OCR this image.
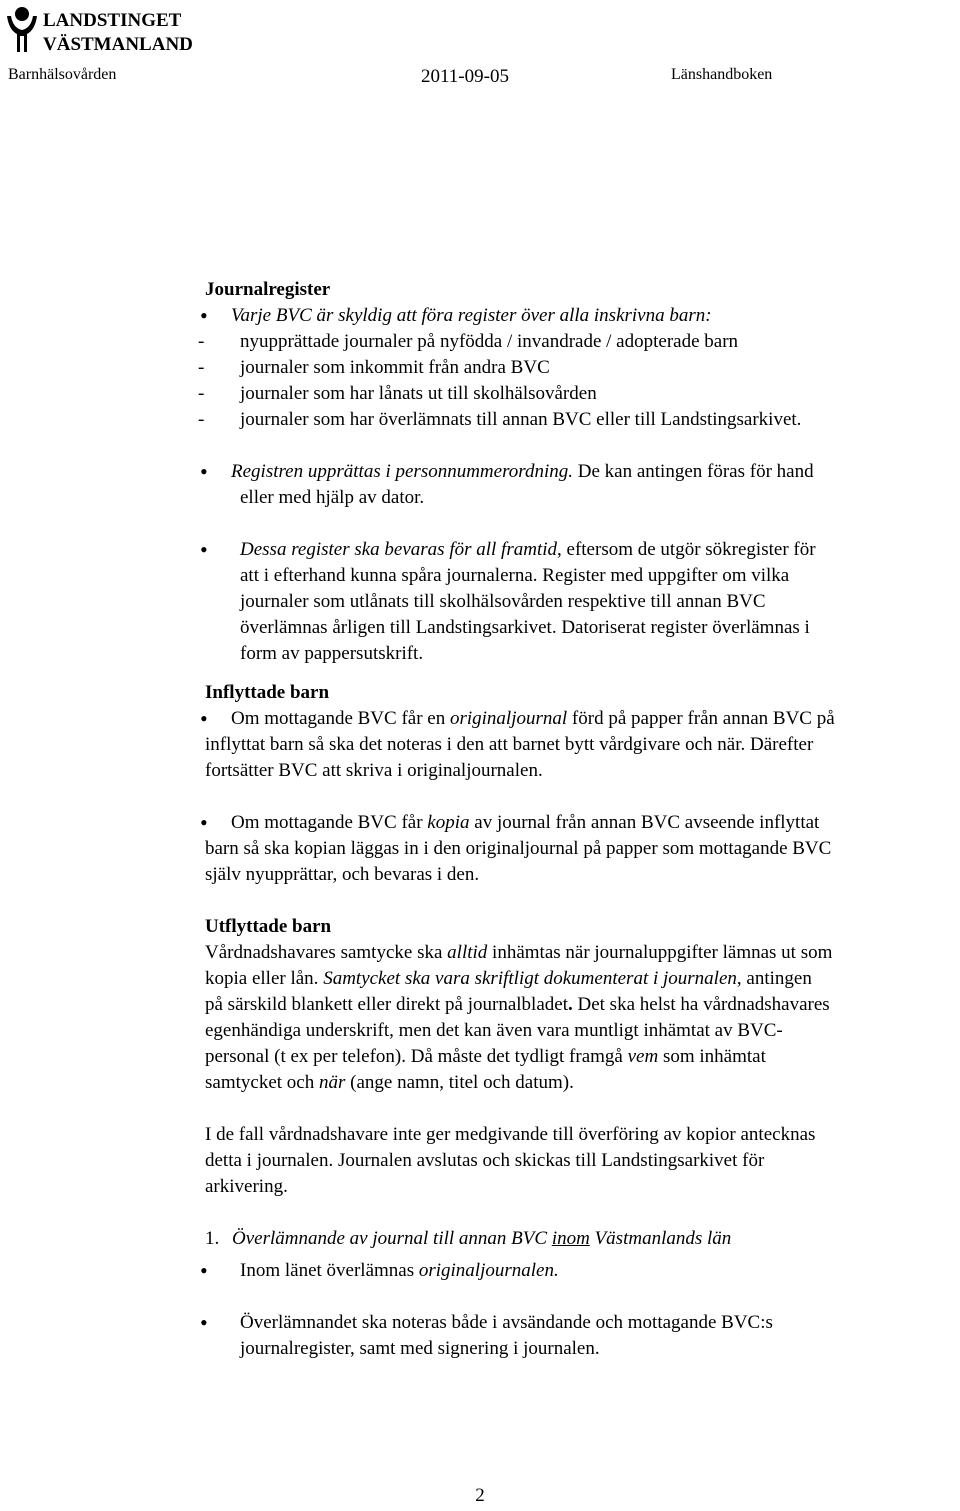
LANDSTINGET
VÄSTMANLAND
Barnhälsovården	2011-09-05	Länshandboken
Journalregister
• Varje BVC är skyldig att föra register över alla inskrivna barn:
- nyupprättade journaler på nyfödda / invandrade / adopterade barn
- journaler som inkommit från andra BVC
- journaler som har lånats ut till skolhälsovården
- journaler som har överlämnats till annan BVC eller till Landstingsarkivet.
• Registren upprättas i personnummerordning. De kan antingen föras för hand
eller med hjälp av dator.
• Dessa register ska bevaras för all framtid, eftersom de utgör sökregister för
att i efterhand kunna spåra journalerna. Register med uppgifter om vilka
journaler som utlånats till skolhälsovården respektive till annan BVC
överlämnas årligen till Landstingsarkivet. Datoriserat register överlämnas i
form av pappersutskrift.
Inflyttade barn
• Om mottagande BVC får en originaljournal förd på papper från annan BVC på
inflyttat barn så ska det noteras i den att barnet bytt vårdgivare och när. Därefter
fortsätter BVC att skriva i originaljournalen.
• Om mottagande BVC får kopia av journal från annan BVC avseende inflyttat
barn så ska kopian läggas in i den originaljournal på papper som mottagande BVC
själv nyupprättar, och bevaras i den.
Utflyttade barn
Vårdnadshavares samtycke ska alltid inhämtas när journaluppgifter lämnas ut som
kopia eller lån. Samtycket ska vara skriftligt dokumenterat i journalen, antingen
på särskild blankett eller direkt på journalbladet. Det ska helst ha vårdnadshavares
egenhändiga underskrift, men det kan även vara muntligt inhämtat av BVC-
personal (t ex per telefon). Då måste det tydligt framgå vem som inhämtat
samtycket och när (ange namn, titel och datum).
I de fall vårdnadshavare inte ger medgivande till överföring av kopior antecknas
detta i journalen. Journalen avslutas och skickas till Landstingsarkivet för
arkivering.
1. Överlämnande av journal till annan BVC inom Västmanlands län
• Inom länet överlämnas originaljournalen.
• Överlämnandet ska noteras både i avsändande och mottagande BVC:s
journalregister, samt med signering i journalen.
2
